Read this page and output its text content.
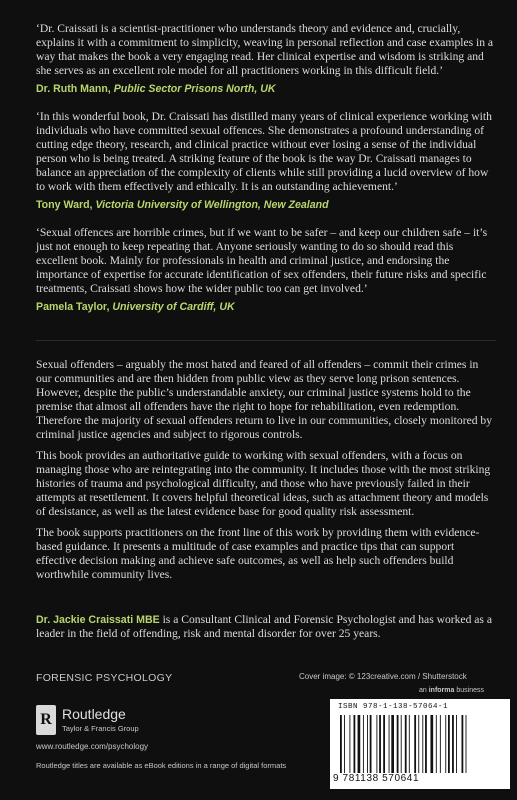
‘Dr. Craissati is a scientist-practitioner who understands theory and evidence and, crucially, explains it with a commitment to simplicity, weaving in personal reflection and case examples in a way that makes the book a very engaging read. Her clinical expertise and wisdom is striking and she serves as an excellent role model for all practitioners working in this difficult field.’

Dr. Ruth Mann, Public Sector Prisons North, UK

‘In this wonderful book, Dr. Craissati has distilled many years of clinical experience working with individuals who have committed sexual offences. She demonstrates a profound understanding of cutting edge theory, research, and clinical practice without ever losing a sense of the individual person who is being treated. A striking feature of the book is the way Dr. Craissati manages to balance an appreciation of the complexity of clients while still providing a lucid overview of how to work with them effectively and ethically. It is an outstanding achievement.’

Tony Ward, Victoria University of Wellington, New Zealand

‘Sexual offences are horrible crimes, but if we want to be safer – and keep our children safe – it’s just not enough to keep repeating that. Anyone seriously wanting to do so should read this excellent book. Mainly for professionals in health and criminal justice, and endorsing the importance of expertise for accurate identification of sex offenders, their future risks and specific treatments, Craissati shows how the wider public too can get involved.’

Pamela Taylor, University of Cardiff, UK

Sexual offenders – arguably the most hated and feared of all offenders – commit their crimes in our communities and are then hidden from public view as they serve long prison sentences. However, despite the public’s understandable anxiety, our criminal justice systems hold to the premise that almost all offenders have the right to hope for rehabilitation, even redemption. Therefore the majority of sexual offenders return to live in our communities, closely monitored by criminal justice agencies and subject to rigorous controls.

This book provides an authoritative guide to working with sexual offenders, with a focus on managing those who are reintegrating into the community. It includes those with the most striking histories of trauma and psychological difficulty, and those who have previously failed in their attempts at resettlement. It covers helpful theoretical ideas, such as attachment theory and models of desistance, as well as the latest evidence base for good quality risk assessment.

The book supports practitioners on the front line of this work by providing them with evidence-based guidance. It presents a multitude of case examples and practice tips that can support effective decision making and achieve safe outcomes, as well as help such offenders build worthwhile community lives.

Dr. Jackie Craissati MBE is a Consultant Clinical and Forensic Psychologist and has worked as a leader in the field of offending, risk and mental disorder for over 25 years.
FORENSIC PSYCHOLOGY	Cover image: © 123creative.com / Shutterstock
an informa business
R Routledge
Taylor & Francis Group
www.routledge.com/psychology
Routledge titles are available as eBook editions in a range of digital formats
ISBN 978-1-138-57064-1
9 781138 570641
